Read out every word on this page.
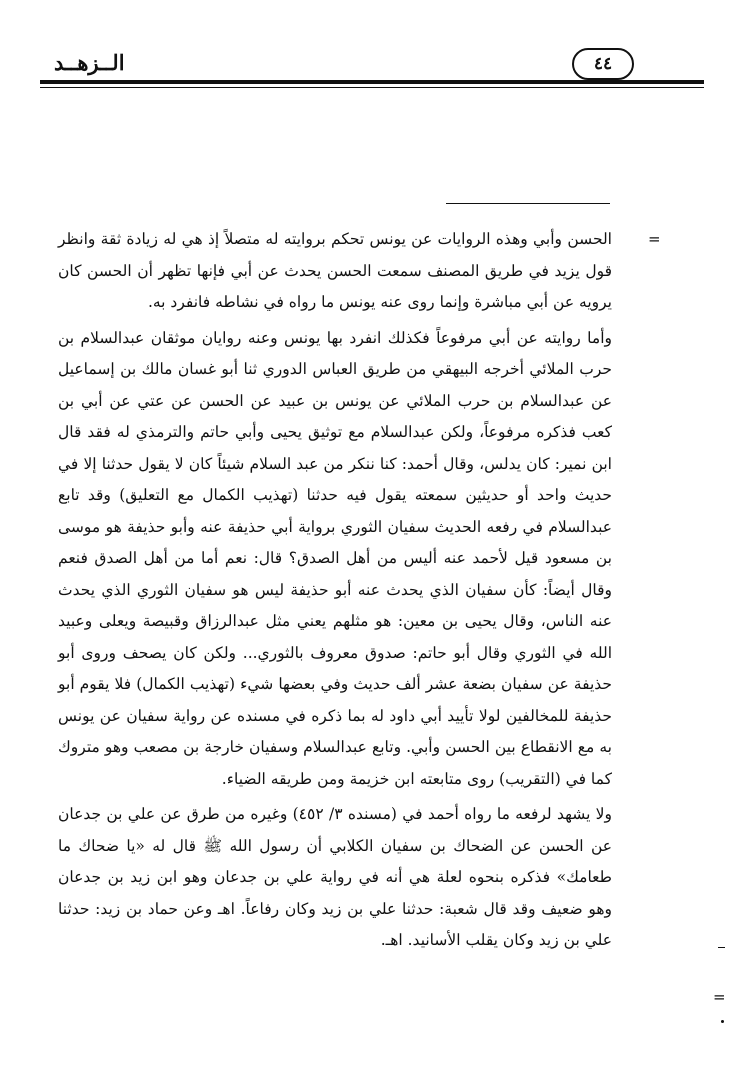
٤٤
الــزهــد
=

الحسن وأبي وهذه الروايات عن يونس تحكم بروايته له متصلاً إذ هي له زيادة ثقة وانظر قول يزيد في طريق المصنف سمعت الحسن يحدث عن أبي فإنها تظهر أن الحسن كان يرويه عن أبي مباشرة وإنما روى عنه يونس ما رواه في نشاطه فانفرد به.

وأما روايته عن أبي مرفوعاً فكذلك انفرد بها يونس وعنه روايان موثقان عبدالسلام بن حرب الملائي أخرجه البيهقي من طريق العباس الدوري ثنا أبو غسان مالك بن إسماعيل عن عبدالسلام بن حرب الملائي عن يونس بن عبيد عن الحسن عن عتي عن أبي بن كعب فذكره مرفوعاً، ولكن عبدالسلام مع توثيق يحيى وأبي حاتم والترمذي له فقد قال ابن نمير: كان يدلس، وقال أحمد: كنا ننكر من عبد السلام شيئاً كان لا يقول حدثنا إلا في حديث واحد أو حديثين سمعته يقول فيه حدثنا (تهذيب الكمال مع التعليق) وقد تابع عبدالسلام في رفعه الحديث سفيان الثوري برواية أبي حذيفة عنه وأبو حذيفة هو موسى بن مسعود قيل لأحمد عنه أليس من أهل الصدق؟ قال: نعم أما من أهل الصدق فنعم وقال أيضاً: كأن سفيان الذي يحدث عنه أبو حذيفة ليس هو سفيان الثوري الذي يحدث عنه الناس، وقال يحيى بن معين: هو مثلهم يعني مثل عبدالرزاق وقبيصة ويعلى وعبيد الله في الثوري وقال أبو حاتم: صدوق معروف بالثوري... ولكن كان يصحف وروى أبو حذيفة عن سفيان بضعة عشر ألف حديث وفي بعضها شيء (تهذيب الكمال) فلا يقوم أبو حذيفة للمخالفين لولا تأييد أبي داود له بما ذكره في مسنده عن رواية سفيان عن يونس به مع الانقطاع بين الحسن وأبي. وتابع عبدالسلام وسفيان خارجة بن مصعب وهو متروك كما في (التقريب) روى متابعته ابن خزيمة ومن طريقه الضياء.

ولا يشهد لرفعه ما رواه أحمد في (مسنده ٣/ ٤٥٢) وغيره من طرق عن علي بن جدعان عن الحسن عن الضحاك بن سفيان الكلابي أن رسول الله ﷺ قال له «يا ضحاك ما طعامك» فذكره بنحوه لعلة هي أنه في رواية علي بن جدعان وهو ابن زيد بن جدعان وهو ضعيف وقد قال شعبة: حدثنا علي بن زيد وكان رفاعاً. اهـ وعن حماد بن زيد: حدثنا علي بن زيد وكان يقلب الأسانيد. اهـ.

=
